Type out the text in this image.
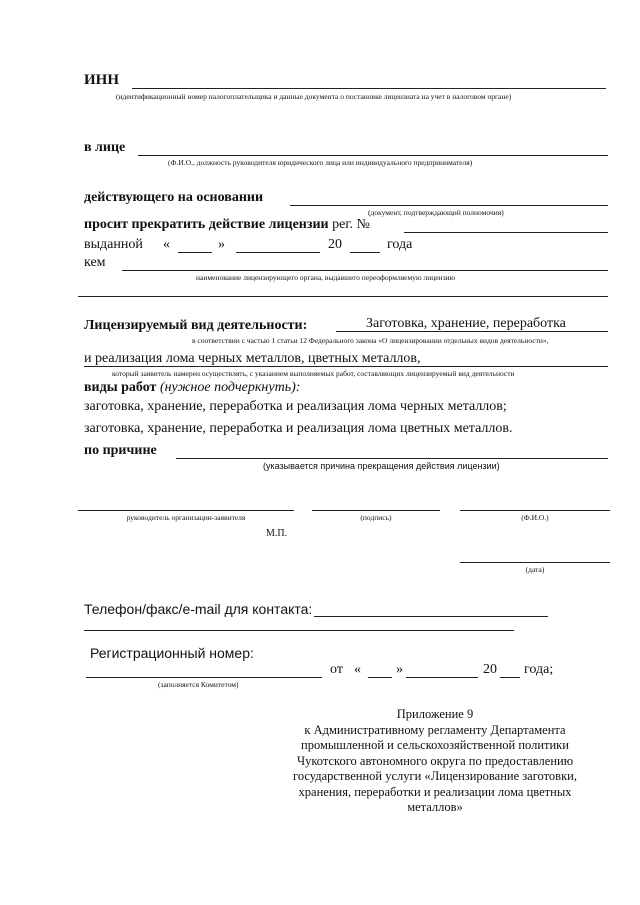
ИНН
(идентификационный номер налогоплательщика и данные документа о постановке лицензиата на учет в налоговом органе)
в лице
(Ф.И.О., должность руководителя юридического лица или индивидуального предпринимателя)
действующего на основании
(документ, подтверждающий полномочия)
просит прекратить действие лицензии рег. №
выданной «	»	20	года
кем
наименование лицензирующего органа, выдавшего переоформляемую лицензию
Лицензируемый вид деятельности:	Заготовка, хранение, переработка
в соответствии с частью 1 статьи 12 Федерального закона «О лицензировании отдельных видов деятельности»,
и реализация лома черных металлов, цветных металлов,
который заявитель намерен осуществлять, с указанием выполняемых работ, составляющих лицензируемый вид деятельности
виды работ (нужное подчеркнуть):
заготовка, хранение, переработка и реализация лома черных металлов;
заготовка, хранение, переработка и реализация лома цветных металлов.
по причине
(указывается причина прекращения действия лицензии)
руководитель организации-заявителя	(подпись)	(Ф.И.О.)
М.П.
(дата)
Телефон/факс/e-mail для контакта:
Регистрационный номер:
от «	»	20 года;
(заполняется Комитетом)
Приложение 9
к Административному регламенту Департамента
промышленной и сельскохозяйственной политики
Чукотского автономного округа по предоставлению
государственной услуги «Лицензирование заготовки,
хранения, переработки и реализации лома цветных
металлов»
